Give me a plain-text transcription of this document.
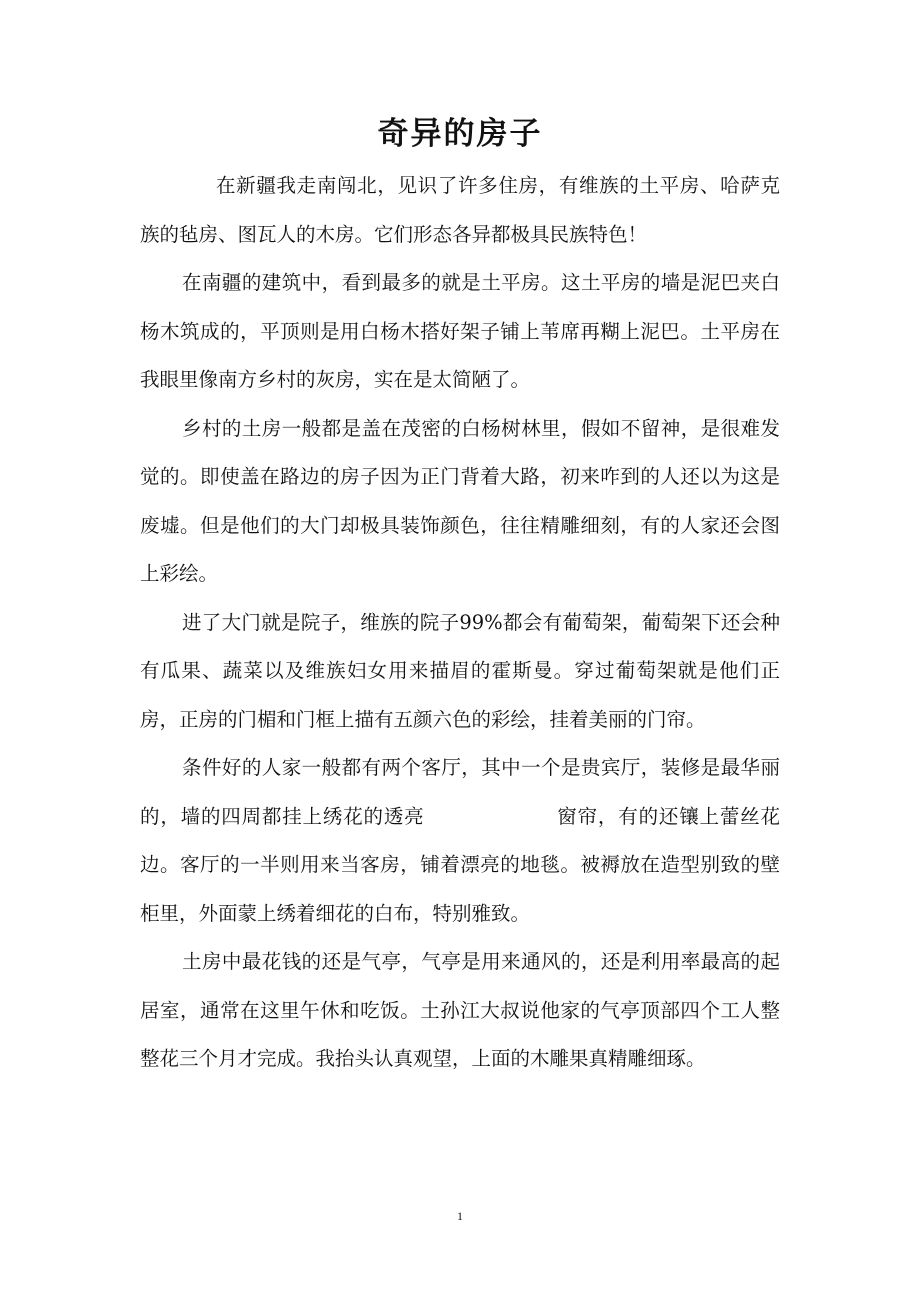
奇异的房子

在新疆我走南闯北，见识了许多住房，有维族的土平房、哈萨克族的毡房、图瓦人的木房。它们形态各异都极具民族特色！

在南疆的建筑中，看到最多的就是土平房。这土平房的墙是泥巴夹白杨木筑成的，平顶则是用白杨木搭好架子铺上苇席再糊上泥巴。土平房在我眼里像南方乡村的灰房，实在是太简陋了。

乡村的土房一般都是盖在茂密的白杨树林里，假如不留神，是很难发觉的。即使盖在路边的房子因为正门背着大路，初来咋到的人还以为这是废墟。但是他们的大门却极具装饰颜色，往往精雕细刻，有的人家还会图上彩绘。

进了大门就是院子，维族的院子99%都会有葡萄架，葡萄架下还会种有瓜果、蔬菜以及维族妇女用来描眉的霍斯曼。穿过葡萄架就是他们正房，正房的门楣和门框上描有五颜六色的彩绘，挂着美丽的门帘。

条件好的人家一般都有两个客厅，其中一个是贵宾厅，装修是最华丽的，墙的四周都挂上绣花的透亮	窗帘，有的还镶上蕾丝花边。客厅的一半则用来当客房，铺着漂亮的地毯。被褥放在造型别致的壁柜里，外面蒙上绣着细花的白布，特别雅致。

土房中最花钱的还是气亭，气亭是用来通风的，还是利用率最高的起居室，通常在这里午休和吃饭。土孙江大叔说他家的气亭顶部四个工人整整花三个月才完成。我抬头认真观望，上面的木雕果真精雕细琢。

1
